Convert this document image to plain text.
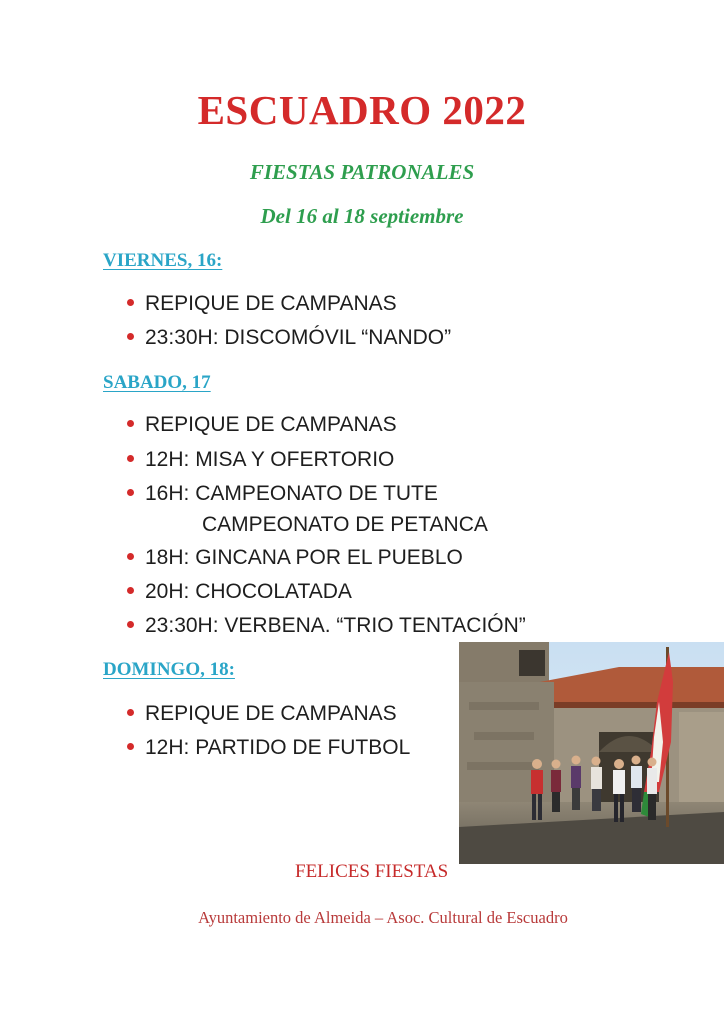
ESCUADRO 2022
FIESTAS PATRONALES
Del 16 al 18 septiembre
VIERNES, 16:
REPIQUE DE CAMPANAS
23:30H: DISCOMÓVIL “NANDO”
SABADO, 17
REPIQUE DE CAMPANAS
12H: MISA Y OFERTORIO
16H: CAMPEONATO DE TUTE
CAMPEONATO DE PETANCA
18H: GINCANA POR EL PUEBLO
20H: CHOCOLATADA
23:30H: VERBENA. “TRIO TENTACIÓN”
DOMINGO, 18:
REPIQUE DE CAMPANAS
12H: PARTIDO DE FUTBOL
FELICES FIESTAS
Ayuntamiento de Almeida – Asoc. Cultural de Escuadro
